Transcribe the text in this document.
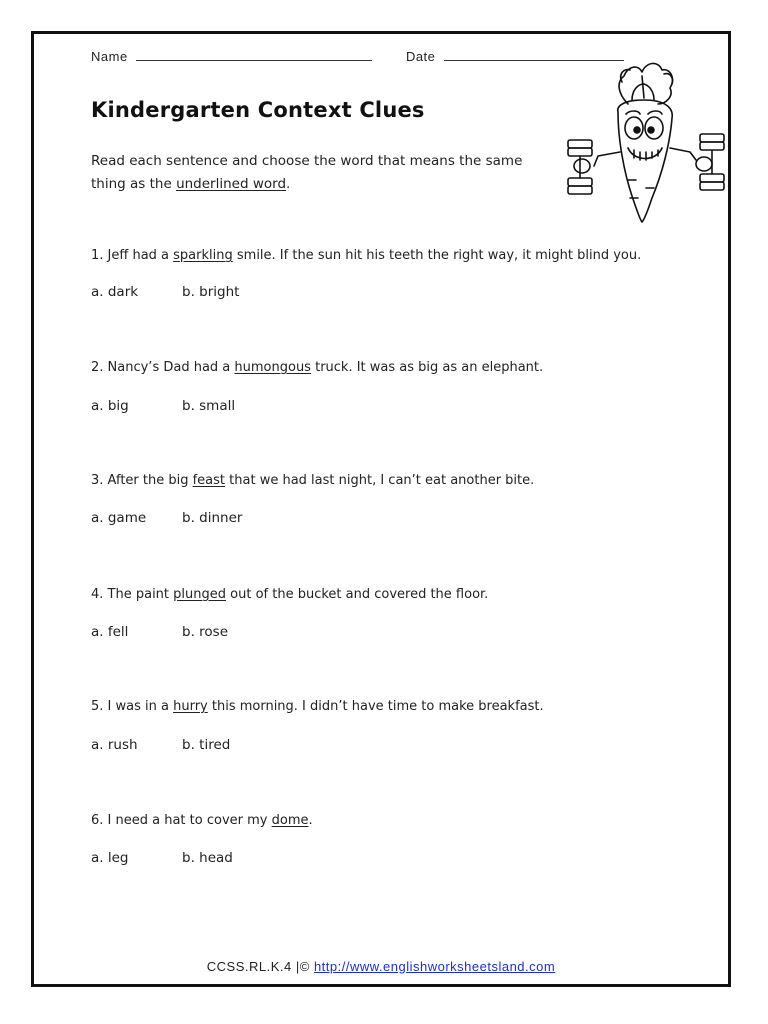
Name	Date
Kindergarten Context Clues
Read each sentence and choose the word that means the same thing as the underlined word.
1. Jeff had a sparkling smile. If the sun hit his teeth the right way, it might blind you.
a. dark	b. bright
2. Nancy’s Dad had a humongous truck. It was as big as an elephant.
a. big	b. small
3. After the big feast that we had last night, I can’t eat another bite.
a. game	b. dinner
4. The paint plunged out of the bucket and covered the floor.
a. fell	b. rose
5. I was in a hurry this morning. I didn’t have time to make breakfast.
a. rush	b. tired
6. I need a hat to cover my dome.
a. leg	b. head
CCSS.RL.K.4 |© http://www.englishworksheetsland.com
